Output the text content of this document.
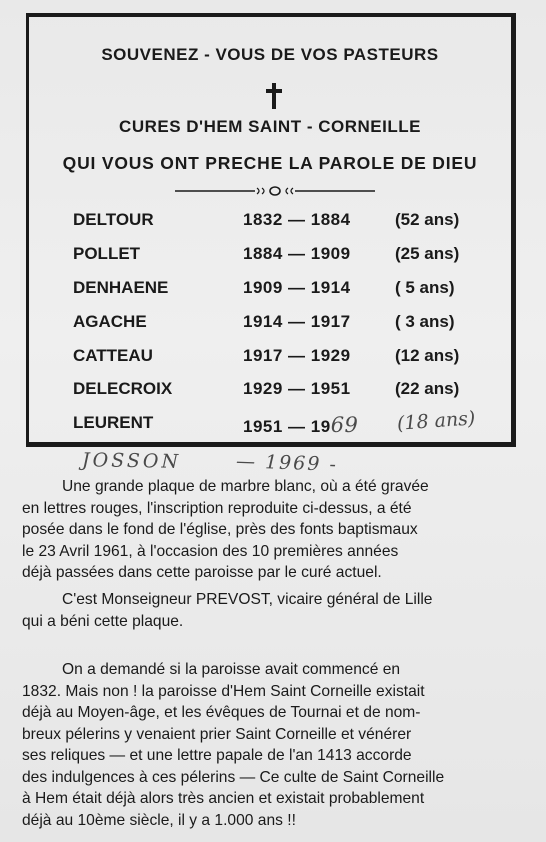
SOUVENEZ - VOUS DE VOS PASTEURS
CURES D'HEM SAINT - CORNEILLE
QUI VOUS ONT PRECHE LA PAROLE DE DIEU
DELTOUR	1832 — 1884	(52 ans)
POLLET	1884 — 1909	(25 ans)
DENHAENE	1909 — 1914	( 5 ans)
AGACHE	1914 — 1917	( 3 ans)
CATTEAU	1917 — 1929	(12 ans)
DELECROIX	1929 — 1951	(22 ans)
LEURENT	1951 — 1969 (18 ans)
JOSSON	— 1969 -
Une grande plaque de marbre blanc, où a été gravée
en lettres rouges, l'inscription reproduite ci-dessus, a été
posée dans le fond de l'église, près des fonts baptismaux
le 23 Avril 1961, à l'occasion des 10 premières années
déjà passées dans cette paroisse par le curé actuel.
C'est Monseigneur PREVOST, vicaire général de Lille
qui a béni cette plaque.
On a demandé si la paroisse avait commencé en
1832. Mais non ! la paroisse d'Hem Saint Corneille existait
déjà au Moyen-âge, et les évêques de Tournai et de nom-
breux pélerins y venaient prier Saint Corneille et vénérer
ses reliques — et une lettre papale de l'an 1413 accorde
des indulgences à ces pélerins — Ce culte de Saint Corneille
à Hem était déjà alors très ancien et existait probablement
déjà au 10ème siècle, il y a 1.000 ans !!
